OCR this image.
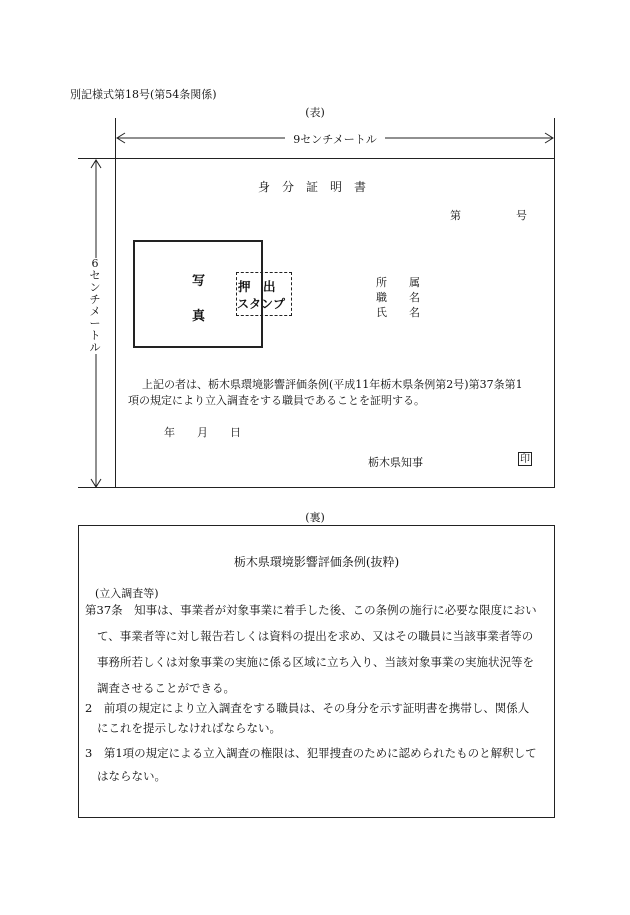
別記様式第18号(第54条関係)
(表)
9センチメートル
6
セ
ン
チ
メ
ー
ト
ル
身　分　証　明　書
第　　　　　号
写
真
押　出
スタンプ
所　　属
職　　名
氏　　名
上記の者は、栃木県環境影響評価条例(平成11年栃木県条例第2号)第37条第1
項の規定により立入調査をする職員であることを証明する。
年　　月　　日
栃木県知事	印
(裏)
栃木県環境影響評価条例(抜粋)
(立入調査等)
第37条　知事は、事業者が対象事業に着手した後、この条例の施行に必要な限度におい
て、事業者等に対し報告若しくは資料の提出を求め、又はその職員に当該事業者等の
事務所若しくは対象事業の実施に係る区域に立ち入り、当該対象事業の実施状況等を
調査させることができる。
2　前項の規定により立入調査をする職員は、その身分を示す証明書を携帯し、関係人
にこれを提示しなければならない。
3　第1項の規定による立入調査の権限は、犯罪捜査のために認められたものと解釈して
はならない。
